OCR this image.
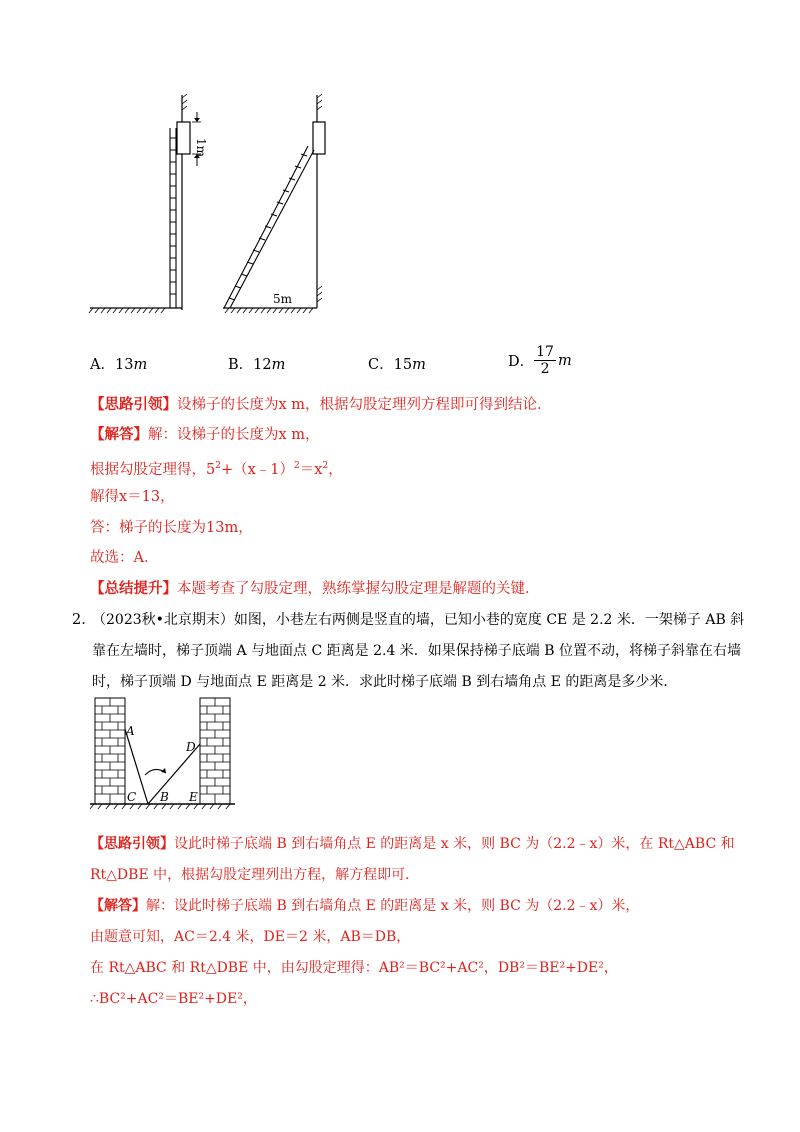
1m
5m
A．13m	B．12m	C．15m	D． $\frac{17}{2}$ m
【思路引领】设梯子的长度为x m，根据勾股定理列方程即可得到结论．
【解答】解：设梯子的长度为x m，
根据勾股定理得，$5^2+(x﹣1)^2=x^2$，
解得x＝13，
答：梯子的长度为13m，
故选：A．
【总结提升】本题考查了勾股定理，熟练掌握勾股定理是解题的关键．
2．
（2023秋•北京期末）如图，小巷左右两侧是竖直的墙，已知小巷的宽度 CE 是 2.2 米．一架梯子 AB 斜
靠在左墙时，梯子顶端 A 与地面点 C 距离是 2.4 米．如果保持梯子底端 B 位置不动，将梯子斜靠在右墙
时，梯子顶端 D 与地面点 E 距离是 2 米．求此时梯子底端 B 到右墙角点 E 的距离是多少米．
A
D
C B E
【思路引领】设此时梯子底端 B 到右墙角点 E 的距离是 x 米，则 BC 为（2.2﹣x）米，在 Rt△ABC 和
Rt△DBE 中，根据勾股定理列出方程，解方程即可．
【解答】解：设此时梯子底端 B 到右墙角点 E 的距离是 x 米，则 BC 为（2.2﹣x）米，
由题意可知，AC＝2.4 米，DE＝2 米，AB＝DB，
在 Rt△ABC 和 Rt△DBE 中，由勾股定理得：AB²＝BC²+AC²，DB²＝BE²+DE²，
∴BC²+AC²＝BE²+DE²，
